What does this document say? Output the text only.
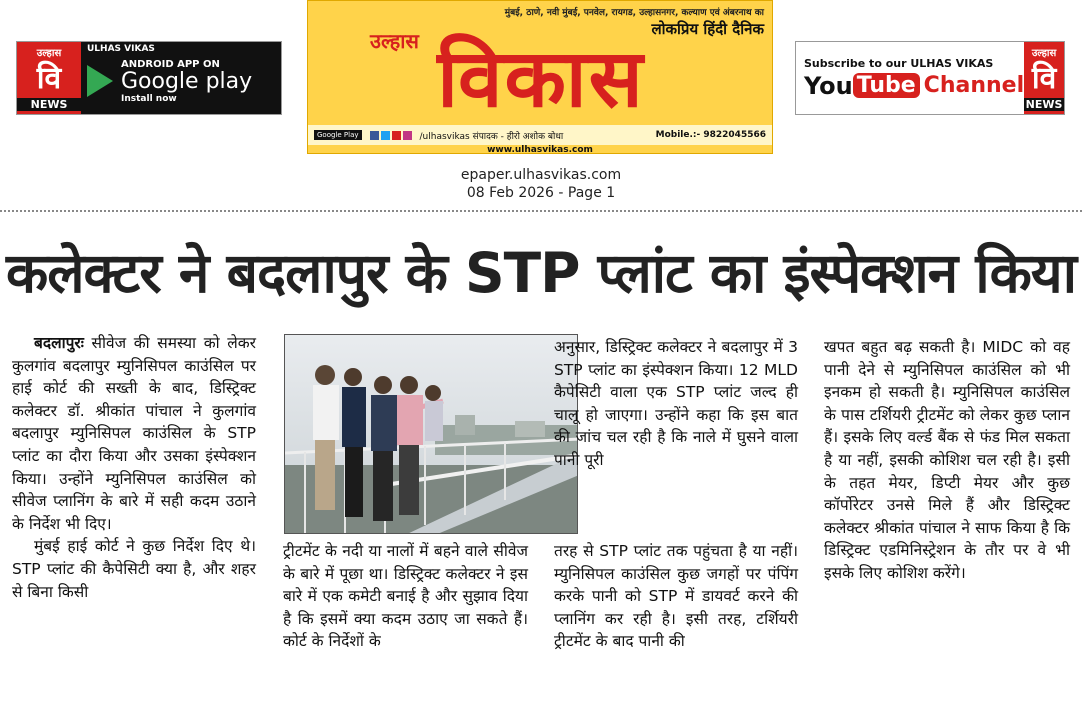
उल्हास
वि
NEWS
ULHAS VIKAS
ANDROID APP ON
Google play
Install now
मुंबई, ठाणे, नवी मुंबई, पनवेल, रायगड, उल्हासनगर, कल्याण एवं अंबरनाथ का
लोकप्रिय हिंदी दैनिक
उल्हास विकास
Google Play	/ulhasvikas संपादक - हीरो अशोक बोधा	Mobile.:- 9822045566
www.ulhasvikas.com
Subscribe to our ULHAS VIKAS
You Tube Channel
उल्हास
वि
NEWS
epaper.ulhasvikas.com
08 Feb 2026 - Page 1
कलेक्टर ने बदलापुर के STP प्लांट का इंस्पेक्शन किया

बदलापुरः सीवेज की समस्या को लेकर कुलगांव बदलापुर म्युनिसिपल काउंसिल पर हाई कोर्ट की सख्ती के बाद, डिस्ट्रिक्ट कलेक्टर डॉ. श्रीकांत पांचाल ने कुलगांव बदलापुर म्युनिसिपल काउंसिल के STP प्लांट का दौरा किया और उसका इंस्पेक्शन किया। उन्होंने म्युनिसिपल काउंसिल को सीवेज प्लानिंग के बारे में सही कदम उठाने के निर्देश भी दिए।

मुंबई हाई कोर्ट ने कुछ निर्देश दिए थे। STP प्लांट की कैपेसिटी क्या है, और शहर से बिना किसी

ट्रीटमेंट के नदी या नालों में बहने वाले सीवेज के बारे में पूछा था। डिस्ट्रिक्ट कलेक्टर ने इस बारे में एक कमेटी बनाई है और सुझाव दिया है कि इसमें क्या कदम उठाए जा सकते हैं। कोर्ट के निर्देशों के

अनुसार, डिस्ट्रिक्ट कलेक्टर ने बदलापुर में 3 STP प्लांट का इंस्पेक्शन किया। 12 MLD कैपेसिटी वाला एक STP प्लांट जल्द ही चालू हो जाएगा। उन्होंने कहा कि इस बात की जांच चल रही है कि नाले में घुसने वाला पानी पूरी

तरह से STP प्लांट तक पहुंचता है या नहीं। म्युनिसिपल काउंसिल कुछ जगहों पर पंपिंग करके पानी को STP में डायवर्ट करने की प्लानिंग कर रही है। इसी तरह, टर्शियरी ट्रीटमेंट के बाद पानी की

खपत बहुत बढ़ सकती है। MIDC को वह पानी देने से म्युनिसिपल काउंसिल को भी इनकम हो सकती है। म्युनिसिपल काउंसिल के पास टर्शियरी ट्रीटमेंट को लेकर कुछ प्लान हैं। इसके लिए वर्ल्ड बैंक से फंड मिल सकता है या नहीं, इसकी कोशिश चल रही है। इसी के तहत मेयर, डिप्टी मेयर और कुछ कॉर्पोरेटर उनसे मिले हैं और डिस्ट्रिक्ट कलेक्टर श्रीकांत पांचाल ने साफ किया है कि डिस्ट्रिक्ट एडमिनिस्ट्रेशन के तौर पर वे भी इसके लिए कोशिश करेंगे।
